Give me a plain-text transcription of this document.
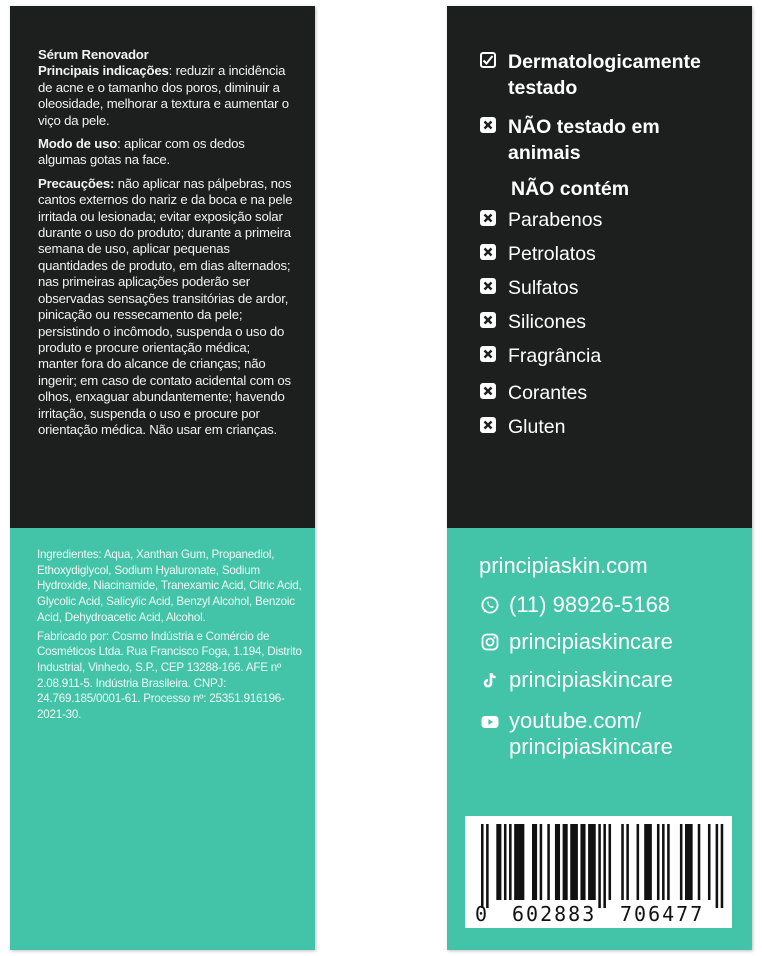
Sérum Renovador
Principais indicações: reduzir a incidência de acne e o tamanho dos poros, diminuir a oleosidade, melhorar a textura e aumentar o viço da pele.

Modo de uso: aplicar com os dedos algumas gotas na face.

Precauções: não aplicar nas pálpebras, nos cantos externos do nariz e da boca e na pele irritada ou lesionada; evitar exposição solar durante o uso do produto; durante a primeira semana de uso, aplicar pequenas quantidades de produto, em dias alternados; nas primeiras aplicações poderão ser observadas sensações transitórias de ardor, pinicação ou ressecamento da pele; persistindo o incômodo, suspenda o uso do produto e procure orientação médica; manter fora do alcance de crianças; não ingerir; em caso de contato acidental com os olhos, enxaguar abundantemente; havendo irritação, suspenda o uso e procure por orientação médica. Não usar em crianças.

Ingredientes: Aqua, Xanthan Gum, Propanediol, Ethoxydiglycol, Sodium Hyaluronate, Sodium Hydroxide, Niacinamide, Tranexamic Acid, Citric Acid, Glycolic Acid, Salicylic Acid, Benzyl Alcohol, Benzoic Acid, Dehydroacetic Acid, Alcohol.

Fabricado por: Cosmo Indústria e Comércio de Cosméticos Ltda. Rua Francisco Foga, 1.194, Distrito Industrial, Vinhedo, S.P., CEP 13288-166. AFE nº 2.08.911-5. Indústria Brasileira. CNPJ: 24.769.185/0001-61. Processo nº: 25351.916196-2021-30.

Dermatologicamente
testado
NÃO testado em
animais
NÃO contém
Parabenos
Petrolatos
Sulfatos
Silicones
Fragrância
Corantes
Gluten
principiaskin.com
(11) 98926-5168
principiaskincare
principiaskincare
youtube.com/
principiaskincare
0 602883 706477
